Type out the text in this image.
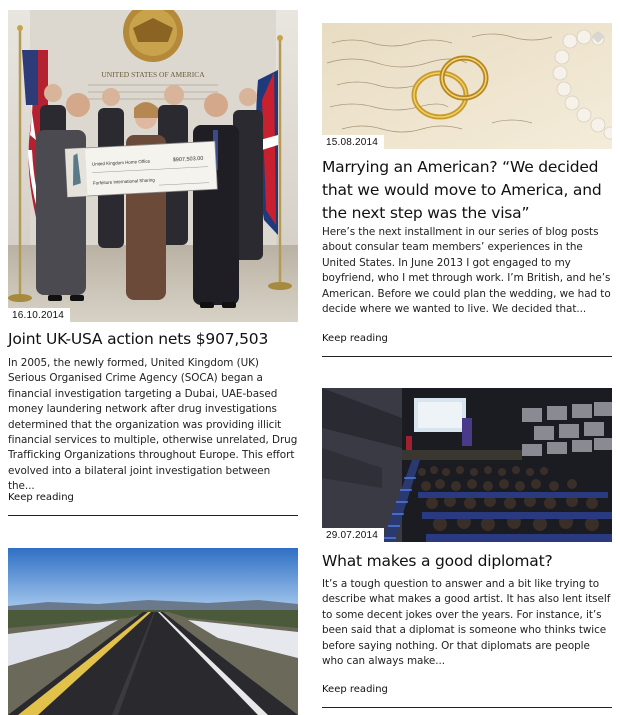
UNITED STATES OF AMERICA
United Kingdom Home Office	$907,503.00
Forfeiture International Sharing
16.10.2014
Joint UK-USA action nets $907,503

In 2005, the newly formed, United Kingdom (UK) Serious Organised Crime Agency (SOCA) began a financial investigation targeting a Dubai, UAE-based money laundering network after drug investigations determined that the organization was providing illicit financial services to multiple, otherwise unrelated, Drug Trafficking Organizations throughout Europe. This effort evolved into a bilateral joint investigation between the...

Keep reading
15.08.2014
Marrying an American? “We decided that we would move to America, and the next step was the visa”

Here’s the next installment in our series of blog posts about consular team members’ experiences in the United States. In June 2013 I got engaged to my boyfriend, who I met through work. I’m British, and he’s American. Before we could plan the wedding, we had to decide where we wanted to live. We decided that...

Keep reading
29.07.2014
What makes a good diplomat?

It’s a tough question to answer and a bit like trying to describe what makes a good artist. It has also lent itself to some decent jokes over the years. For instance, it’s been said that a diplomat is someone who thinks twice before saying nothing. Or that diplomats are people who can always make...

Keep reading
